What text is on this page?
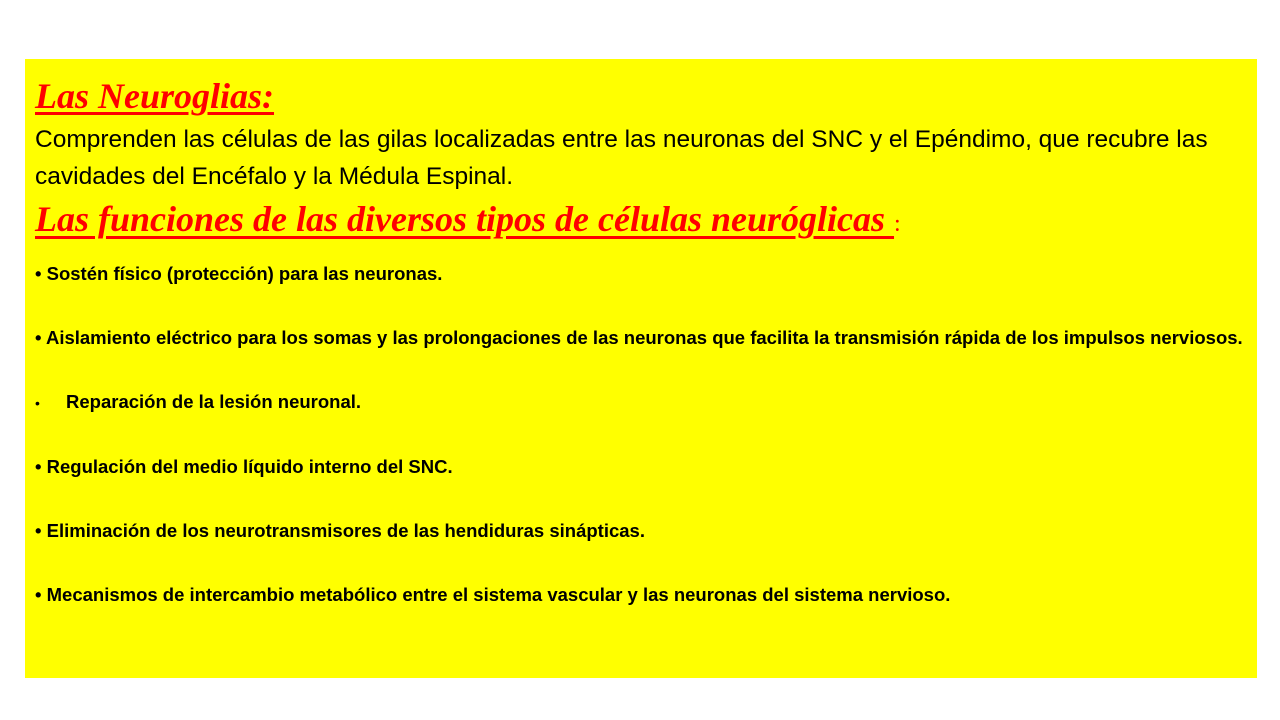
Las Neuroglias:

Comprenden las células de las gilas localizadas entre las neuronas del SNC y el Epéndimo, que recubre las cavidades del Encéfalo y la Médula Espinal.

Las funciones de las diversos tipos de células neuróglicas :

• Sostén físico (protección) para las neuronas.

• Aislamiento eléctrico para los somas y las prolongaciones de las neuronas que facilita la transmisión rápida de los impulsos nerviosos.

• Reparación de la lesión neuronal.

• Regulación del medio líquido interno del SNC.

• Eliminación de los neurotransmisores de las hendiduras sinápticas.

• Mecanismos de intercambio metabólico entre el sistema vascular y las neuronas del sistema nervioso.
